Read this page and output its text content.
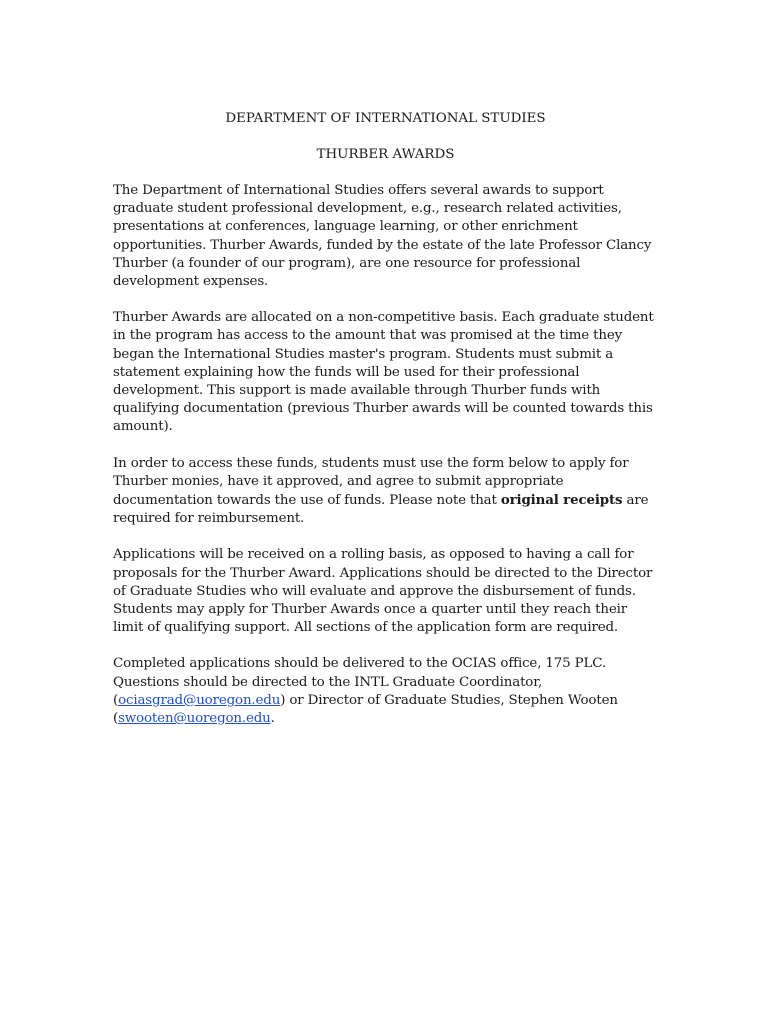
DEPARTMENT OF INTERNATIONAL STUDIES

THURBER AWARDS

The Department of International Studies offers several awards to support graduate student professional development, e.g., research related activities, presentations at conferences, language learning, or other enrichment opportunities. Thurber Awards, funded by the estate of the late Professor Clancy Thurber (a founder of our program), are one resource for professional development expenses.

Thurber Awards are allocated on a non-competitive basis. Each graduate student in the program has access to the amount that was promised at the time they began the International Studies master's program. Students must submit a statement explaining how the funds will be used for their professional development. This support is made available through Thurber funds with qualifying documentation (previous Thurber awards will be counted towards this amount).

In order to access these funds, students must use the form below to apply for Thurber monies, have it approved, and agree to submit appropriate documentation towards the use of funds. Please note that original receipts are required for reimbursement.

Applications will be received on a rolling basis, as opposed to having a call for proposals for the Thurber Award. Applications should be directed to the Director of Graduate Studies who will evaluate and approve the disbursement of funds. Students may apply for Thurber Awards once a quarter until they reach their limit of qualifying support. All sections of the application form are required.

Completed applications should be delivered to the OCIAS office, 175 PLC. Questions should be directed to the INTL Graduate Coordinator, (ociasgrad@uoregon.edu) or Director of Graduate Studies, Stephen Wooten (swooten@uoregon.edu.
